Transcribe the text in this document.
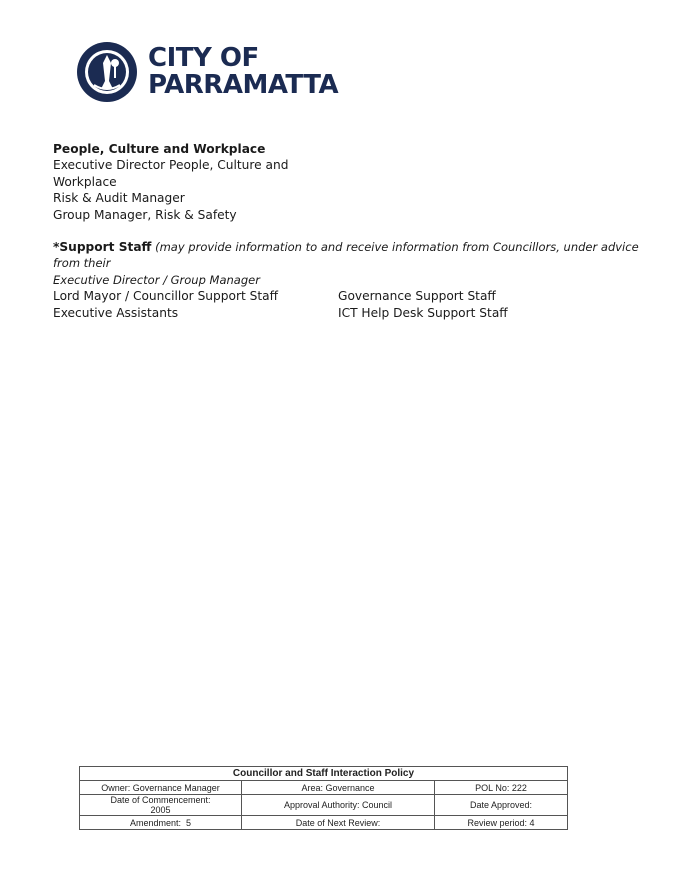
CITY OF
PARRAMATTA
People, Culture and Workplace
Executive Director People, Culture and
Workplace
Risk & Audit Manager
Group Manager, Risk & Safety
*Support Staff (may provide information to and receive information from Councillors, under advice from their
Executive Director / Group Manager
Lord Mayor / Councillor Support Staff	Governance Support Staff
Executive Assistants	ICT Help Desk Support Staff
Councillor and Staff Interaction Policy		
Owner: Governance Manager	Area: Governance	POL No: 222
Date of Commencement:
2005	Approval Authority: Council	Date Approved:
Amendment:  5	Date of Next Review:	Review period: 4
